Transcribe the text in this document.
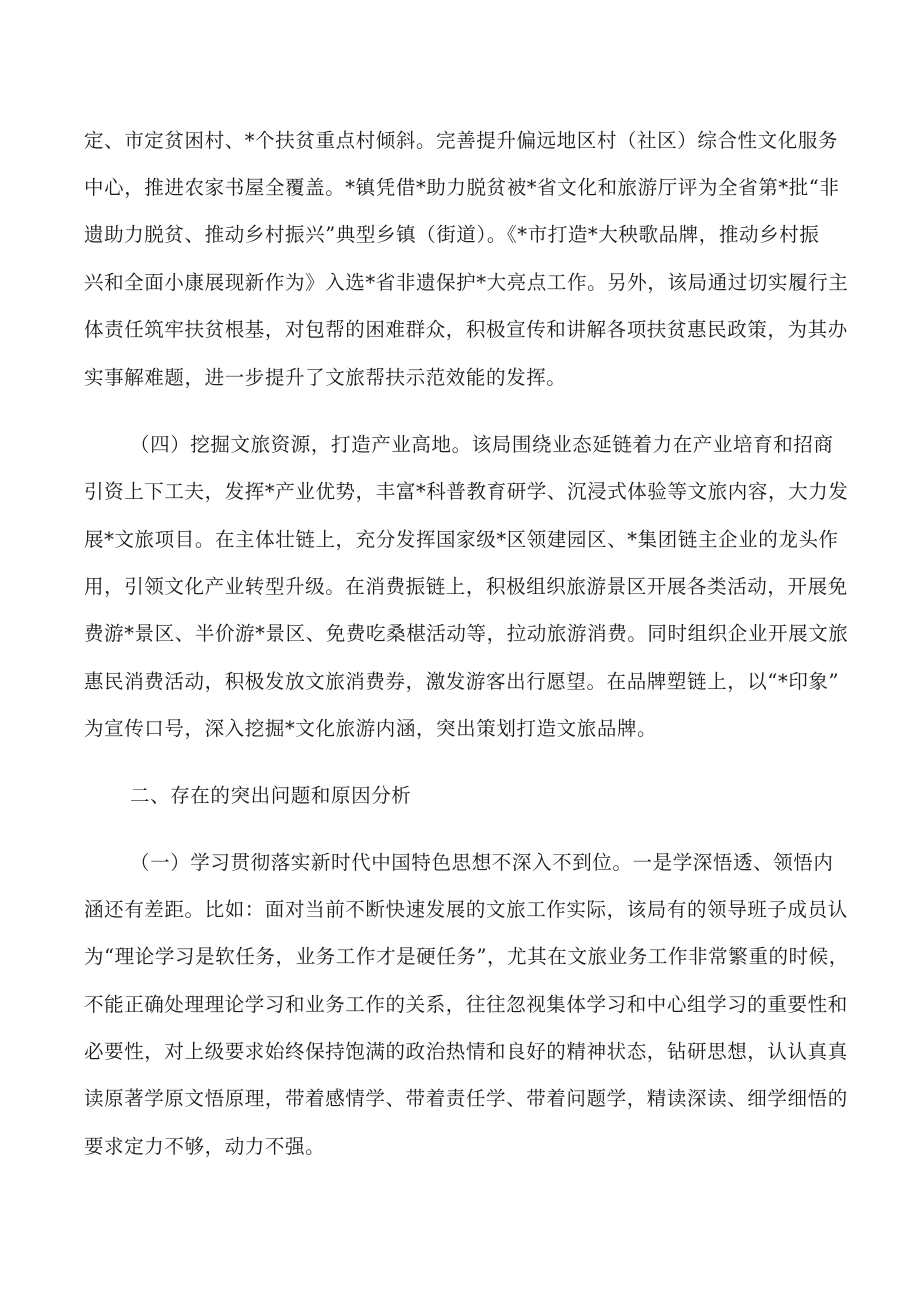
定、市定贫困村、*个扶贫重点村倾斜。完善提升偏远地区村（社区）综合性文化服务
中心，推进农家书屋全覆盖。*镇凭借*助力脱贫被*省文化和旅游厅评为全省第*批“非
遗助力脱贫、推动乡村振兴”典型乡镇（街道）。《*市打造*大秧歌品牌，推动乡村振
兴和全面小康展现新作为》入选*省非遗保护*大亮点工作。另外，该局通过切实履行主
体责任筑牢扶贫根基，对包帮的困难群众，积极宣传和讲解各项扶贫惠民政策，为其办
实事解难题，进一步提升了文旅帮扶示范效能的发挥。
（四）挖掘文旅资源，打造产业高地。该局围绕业态延链着力在产业培育和招商
引资上下工夫，发挥*产业优势，丰富*科普教育研学、沉浸式体验等文旅内容，大力发
展*文旅项目。在主体壮链上，充分发挥国家级*区领建园区、*集团链主企业的龙头作
用，引领文化产业转型升级。在消费振链上，积极组织旅游景区开展各类活动，开展免
费游*景区、半价游*景区、免费吃桑椹活动等，拉动旅游消费。同时组织企业开展文旅
惠民消费活动，积极发放文旅消费券，激发游客出行愿望。在品牌塑链上，以“*印象”
为宣传口号，深入挖掘*文化旅游内涵，突出策划打造文旅品牌。
二、存在的突出问题和原因分析
（一）学习贯彻落实新时代中国特色思想不深入不到位。一是学深悟透、领悟内
涵还有差距。比如：面对当前不断快速发展的文旅工作实际，该局有的领导班子成员认
为“理论学习是软任务，业务工作才是硬任务”，尤其在文旅业务工作非常繁重的时候，
不能正确处理理论学习和业务工作的关系，往往忽视集体学习和中心组学习的重要性和
必要性，对上级要求始终保持饱满的政治热情和良好的精神状态，钻研思想，认认真真
读原著学原文悟原理，带着感情学、带着责任学、带着问题学，精读深读、细学细悟的
要求定力不够，动力不强。
